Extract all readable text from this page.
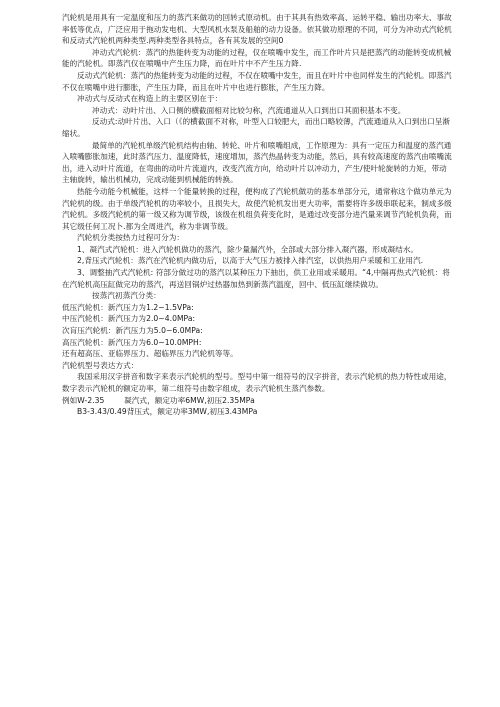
汽轮机是用具有一定温度和压力的蒸汽来做功的回转式原动机。由于其具有热效率高、运转平稳、输出功率大、事故率低等优点，广泛应用于拖动发电机、大型风机水泵及船舶的动力设备。依其做功原理的不同，可分为冲动式汽轮机和反动式汽轮机两种类型.两种类型各具特点，各有其发展的空间0

冲动式汽轮机：蒸汽的热能转变为动能的过程，仅在喷嘴中发生，而工作叶片只是把蒸汽的动能转变成机械能的汽轮机。即蒸汽仅在喷嘴中产生压力降，而在叶片中不产生压力降.

反动式汽轮机：蒸汽的热能转变为动能的过程，不仅在喷嘴中发生，而且在叶片中也同样发生的汽轮机。即蒸汽不仅在喷嘴中进行膨胀，产生压力降，而且在叶片中也进行膨胀，产生压力降。

冲动式与反动式在构造上的主要区别在于：

冲动式：动叶片出、入口侧的横截面相对比较匀称，汽流通道从入口到出口其面积基本不变。

反动式:动叶片出、入口（《的横截面不对称，叶型入口较肥大，而出口略较薄，汽流通道从入口到出口呈渐缩状。

最简单的汽轮机单级汽轮机结构由轴、转轮、叶片和喷嘴组成，工作原理为：具有一定压力和温度的蒸汽通入喷嘴膨胀加速，此时蒸汽压力、温度降低，速度增加，蒸汽热晶转变为动能，然后，具有较高速度的蒸汽由喷嘴流出，进入动叶片流道，在弯曲的动叶片流道内，改变汽流方向，给动叶片以冲动力，产生/使叶轮旋转的力矩，带动主轴旋转，输出机械功，完成动能到机械能的转换。

热能今动能今机械能，这样一个能量转换的过程，便构成了汽轮机做功的基本单部分元，通常称这个做功单元为汽轮机的级。由于单级汽轮机的功率较小，且损失大，故使汽轮机发出更大功率，需要将许多级串联起来，制成多级汽轮机。多级汽轮机的第一级又称为调节级，该级在机组负荷变化时，是通过改变部分进汽量来调节汽轮机负荷，而其它级任何工况卜.都为全周进汽，称为非调节级。

汽轮机分类按热力过程可分为：

1、凝汽式汽轮机：进入汽轮机做功的蒸汽，除少量漏汽外，全部或大部分排入凝汽器，形成凝结水。

2,背压式汽轮机：蒸汽在汽轮机内做功后，以高于大气压力被排入排汽室，以供热用户采暖和工业用汽.

3、调整抽汽式汽轮机: 符部分做过功的蒸汽以某种压力下抽出，供工业用或采暖用。“4,中隔再热式汽轮机：将在汽轮机高压缸做完功的蒸汽，再送回锅炉过热器加热到新蒸汽温度，回中、低压缸继续做功。

按蒸汽初蒸汽分类：

低压汽轮机：新汽压力为1.2~1.5VPa:

中压汽轮机：新汽压力为2.0~4.0MPa:

次肓压汽轮机：新汽压力为5.0~6.0MPa:

高压汽轮机：新汽压力为6.0~10.0MPH:

还有超高压、亚临界压力、超临界压力汽轮机等等。

汽轮机型号表达方式：

我国采用汉字拼音和数字来表示汽轮机的型号。型号中第一组符号的汉字拼音，表示汽轮机的热力特性或用途，数字表示汽轮机的额定功率，第二组符号由数字组成，表示汽轮机生蒸汽参数。

例如W-2.35        凝汽式，额定功率6MW,初压2.35MPa

B3-3.43/0.49背压式，额定功率3MW,初压3.43MPa
